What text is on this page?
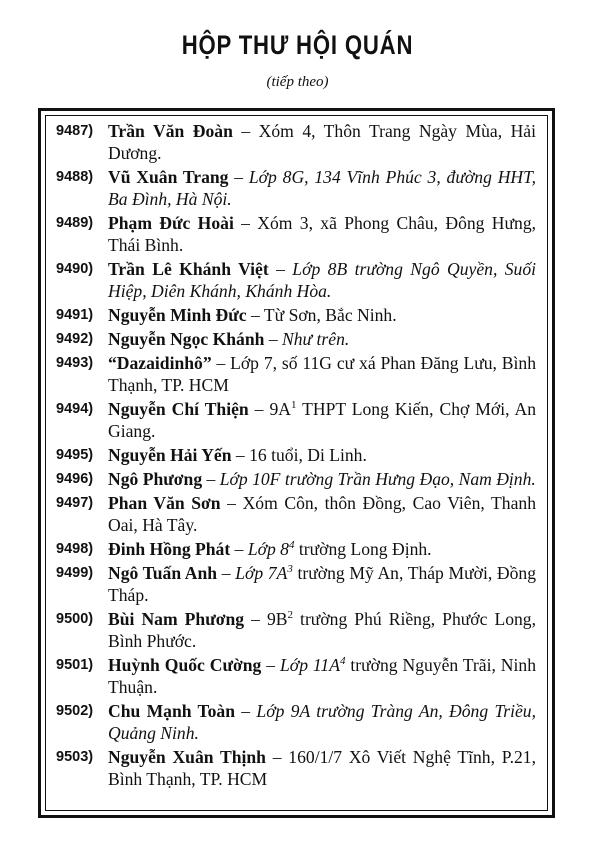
HỘP THƯ HỘI QUÁN
(tiếp theo)
9487) Trần Văn Đoàn – Xóm 4, Thôn Trang Ngày Mùa, Hải Dương.
9488) Vũ Xuân Trang – Lớp 8G, 134 Vĩnh Phúc 3, đường HHT, Ba Đình, Hà Nội.
9489) Phạm Đức Hoài – Xóm 3, xã Phong Châu, Đông Hưng, Thái Bình.
9490) Trần Lê Khánh Việt – Lớp 8B trường Ngô Quyền, Suối Hiệp, Diên Khánh, Khánh Hòa.
9491) Nguyễn Minh Đức – Từ Sơn, Bắc Ninh.
9492) Nguyễn Ngọc Khánh – Như trên.
9493) “Dazaidinhô” – Lớp 7, số 11G cư xá Phan Đăng Lưu, Bình Thạnh, TP. HCM
9494) Nguyễn Chí Thiện – $9A^1$ THPT Long Kiến, Chợ Mới, An Giang.
9495) Nguyễn Hải Yến – 16 tuổi, Di Linh.
9496) Ngô Phương – Lớp 10F trường Trần Hưng Đạo, Nam Định.
9497) Phan Văn Sơn – Xóm Côn, thôn Đồng, Cao Viên, Thanh Oai, Hà Tây.
9498) Đinh Hồng Phát – Lớp $8^4$ trường Long Định.
9499) Ngô Tuấn Anh – Lớp $7A^3$ trường Mỹ An, Tháp Mười, Đồng Tháp.
9500) Bùi Nam Phương – $9B^2$ trường Phú Riềng, Phước Long, Bình Phước.
9501) Huỳnh Quốc Cường – Lớp $11A^4$ trường Nguyễn Trãi, Ninh Thuận.
9502) Chu Mạnh Toàn – Lớp 9A trường Tràng An, Đông Triều, Quảng Ninh.
9503) Nguyễn Xuân Thịnh – 160/1/7 Xô Viết Nghệ Tĩnh, P.21, Bình Thạnh, TP. HCM
